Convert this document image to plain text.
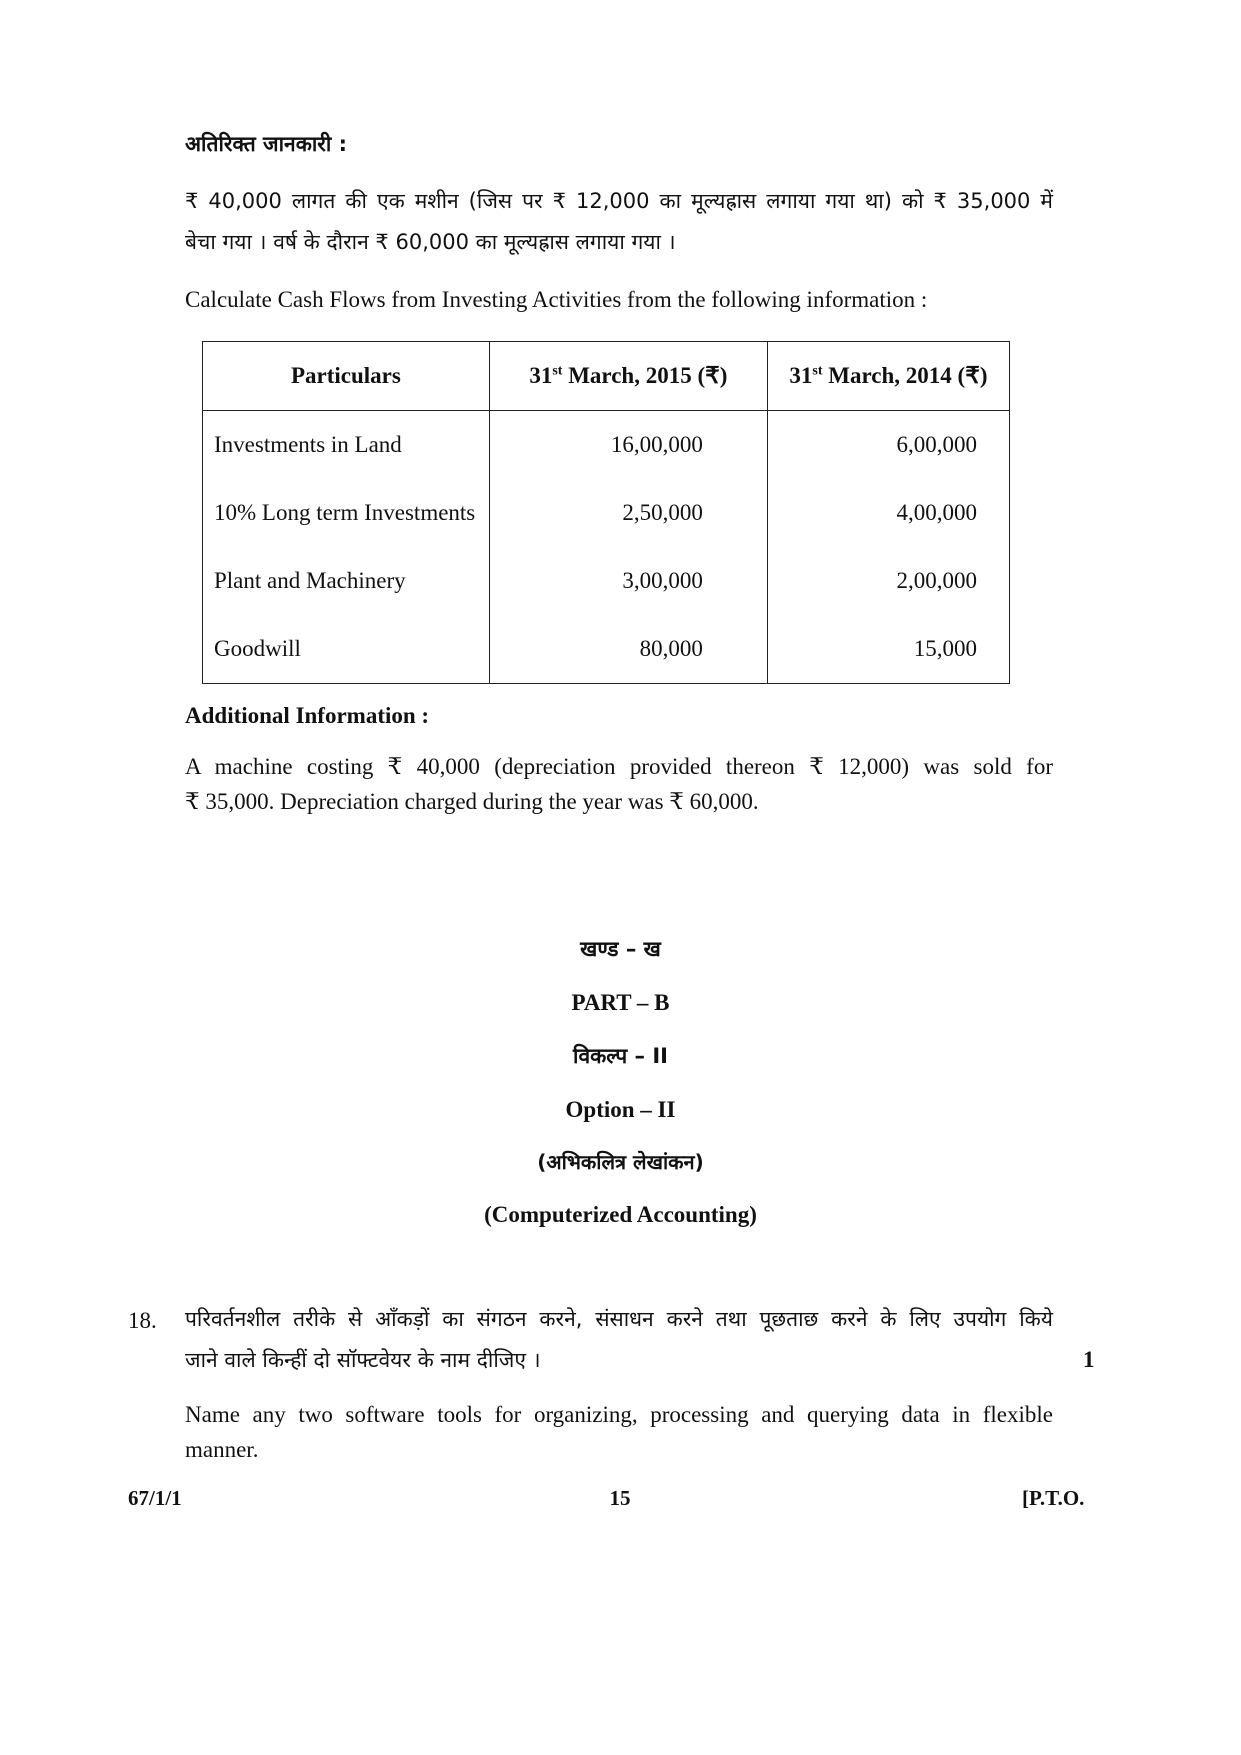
अतिरिक्त जानकारी :
₹ 40,000 लागत की एक मशीन (जिस पर ₹ 12,000 का मूल्यह्रास लगाया गया था) को ₹ 35,000 में
बेचा गया । वर्ष के दौरान ₹ 60,000 का मूल्यह्रास लगाया गया ।
Calculate Cash Flows from Investing Activities from the following information :
Particulars	31st March, 2015 (₹)	31st March, 2014 (₹)
Investments in Land	16,00,000	6,00,000
10% Long term Investments	2,50,000	4,00,000
Plant and Machinery	3,00,000	2,00,000
Goodwill	80,000	15,000
Additional Information :
A machine costing ₹ 40,000 (depreciation provided thereon ₹ 12,000) was sold for
₹ 35,000. Depreciation charged during the year was ₹ 60,000.
खण्ड – ख
PART – B
विकल्प – II
Option – II
(अभिकलित्र लेखांकन)
(Computerized Accounting)
18. परिवर्तनशील तरीके से आँकड़ों का संगठन करने, संसाधन करने तथा पूछताछ करने के लिए उपयोग किये
जाने वाले किन्हीं दो सॉफ्टवेयर के नाम दीजिए ।	1
Name any two software tools for organizing, processing and querying data in flexible
manner.
67/1/1	15	[P.T.O.
